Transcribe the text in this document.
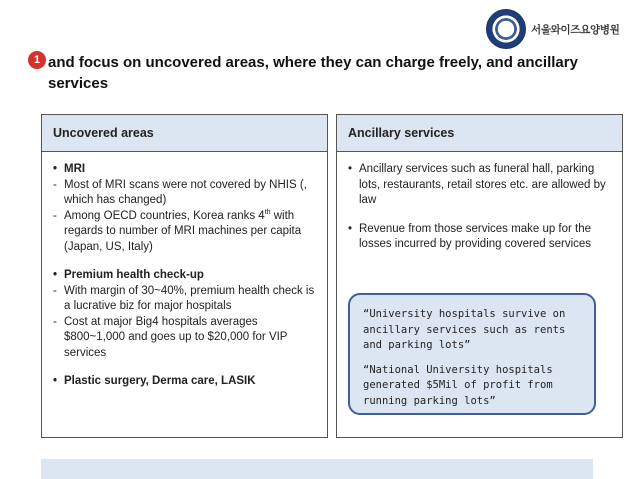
서울와이즈요양병원
1 and focus on uncovered areas, where they can charge freely, and ancillary services
Uncovered areas
• MRI
- Most of MRI scans were not covered by NHIS (, which has changed)
- Among OECD countries, Korea ranks 4th with regards to number of MRI machines per capita (Japan, US, Italy)
• Premium health check-up
- With margin of 30~40%, premium health check is a lucrative biz for major hospitals
- Cost at major Big4 hospitals averages $800~1,000 and goes up to $20,000 for VIP services
• Plastic surgery, Derma care, LASIK
Ancillary services
• Ancillary services such as funeral hall, parking lots, restaurants, retail stores etc. are allowed by law
• Revenue from those services make up for the losses incurred by providing covered services
“University hospitals survive on ancillary services such as rents and parking lots”
“National University hospitals generated $5Mil of profit from running parking lots”
